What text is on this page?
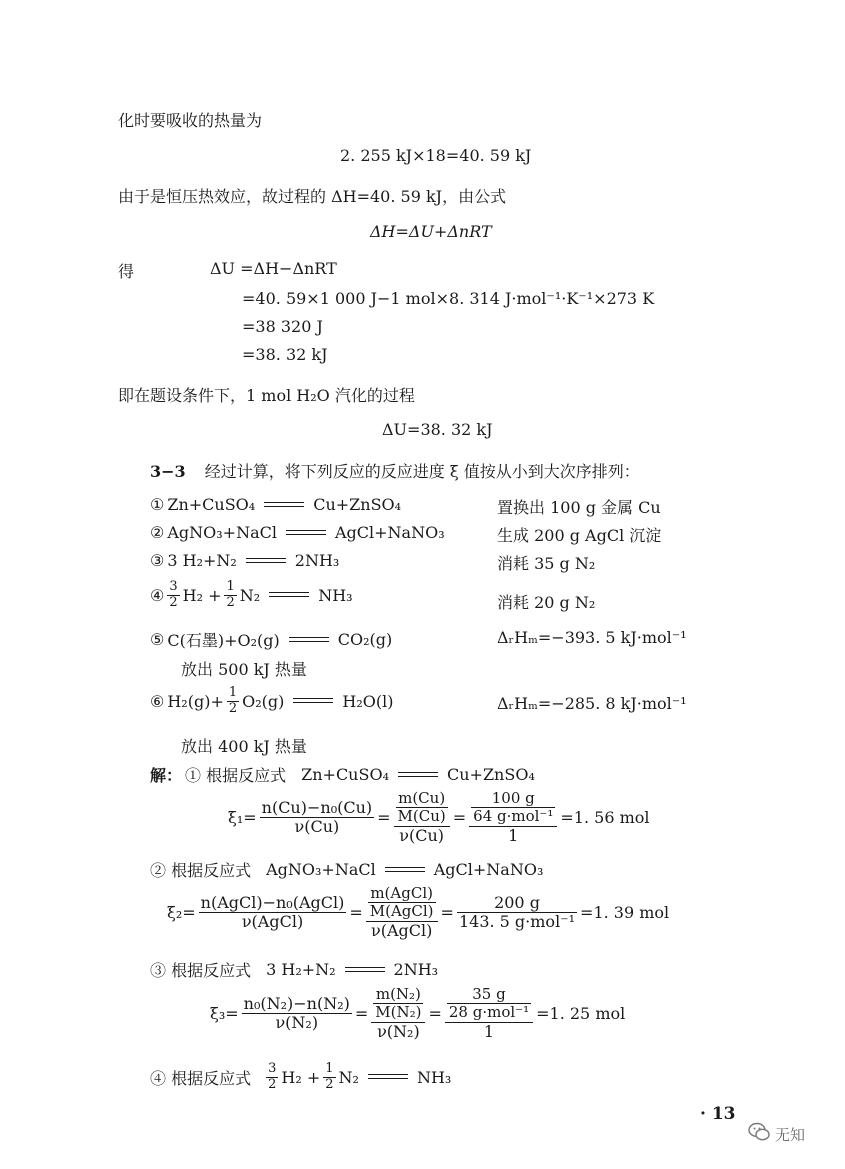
化时要吸收的热量为
2. 255 kJ×18=40. 59 kJ
由于是恒压热效应，故过程的 ΔH=40. 59 kJ，由公式
ΔH=ΔU+ΔnRT
得	ΔU =ΔH−ΔnRT
=40. 59×1 000 J−1 mol×8. 314 J·mol⁻¹·K⁻¹×273 K
=38 320 J
=38. 32 kJ
即在题设条件下，1 mol H₂O 汽化的过程
ΔU=38. 32 kJ
3−3 经过计算，将下列反应的反应进度 ξ 值按从小到大次序排列：
① Zn+CuSO₄	Cu+ZnSO₄	置换出 100 g 金属 Cu
② AgNO₃+NaCl	AgCl+NaNO₃	生成 200 g AgCl 沉淀
③ 3 H₂+N₂	2NH₃	消耗 35 g N₂
④ $\frac{3}{2} H_2 + \frac{1}{2} N_2$	NH₃	消耗 20 g N₂
⑤ C(石墨)+O₂(g)	CO₂(g)	ΔᵣHₘ=−393. 5 kJ·mol⁻¹
放出 500 kJ 热量
⑥ $H_2(g)+ \frac{1}{2} O_2(g)$	H₂O(l)	ΔᵣHₘ=−285. 8 kJ·mol⁻¹
放出 400 kJ 热量
解： ① 根据反应式 Zn+CuSO₄	Cu+ZnSO₄
$\xi_1= \frac{\text{n(Cu)−n₀(Cu)}}{\nu(Cu)} = \frac{\frac{m(Cu)}{M(Cu)}}{\nu(Cu)} = \frac{\frac{100 g}{\text{64 g·mol⁻¹}}}{1} =1$. 56 mol
② 根据反应式 AgNO₃+NaCl	AgCl+NaNO₃
$\xi_2= \frac{\text{n(AgCl)−n₀(AgCl)}}{\text{ν(AgCl)}} = \frac{\frac{\text{m(AgCl)}}{\text{M(AgCl)}}}{\text{ν(AgCl)}} = \frac{200 g}{\text{143. 5 g·mol⁻¹}} =1$. 39 mol
③ 根据反应式 3 H₂+N₂	2NH₃
$\xi_3= \frac{\text{n₀(N₂)−n(N₂)}}{\text{ν(N₂)}} = \frac{\frac{\text{m(N₂)}}{\text{M(N₂)}}}{\text{ν(N₂)}} = \frac{\frac{35 g}{\text{28 g·mol⁻¹}}}{1} =1$. 25 mol
④ 根据反应式 $\frac{3}{2} H_2 + \frac{1}{2} N_2$	NH₃
· 13
无知
